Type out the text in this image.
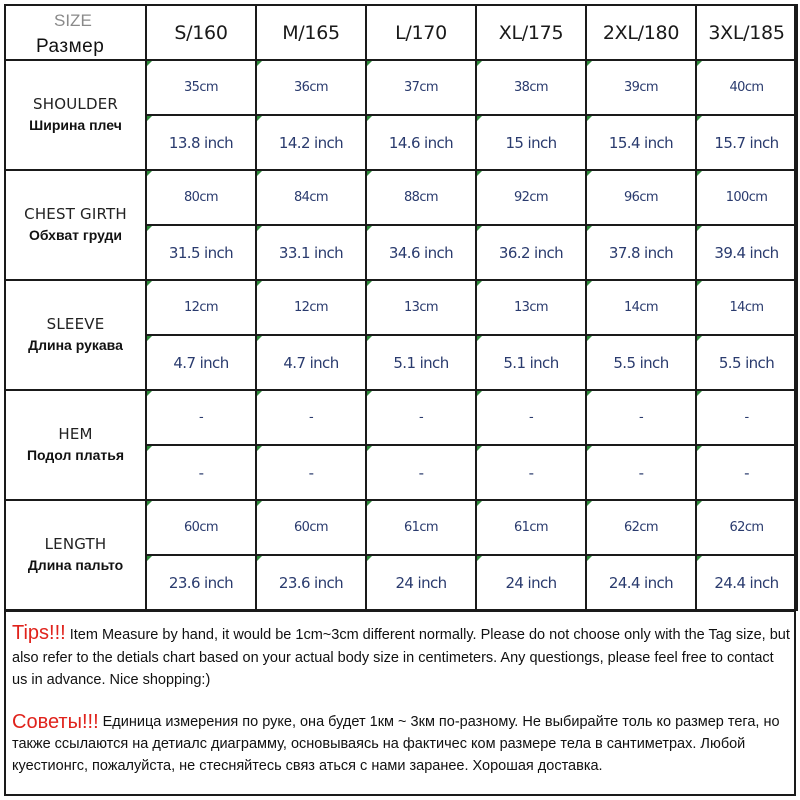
SIZE
Размер	S/160	M/165	L/170	XL/175	2XL/180	3XL/185

SHOULDER
Ширина плеч	35cm	36cm	37cm	38cm	39cm	40cm
	13.8 inch	14.2 inch	14.6 inch	15 inch	15.4 inch	15.7 inch

CHEST GIRTH
Обхват груди	80cm	84cm	88cm	92cm	96cm	100cm
	31.5 inch	33.1 inch	34.6 inch	36.2 inch	37.8 inch	39.4 inch

SLEEVE
Длина рукава	12cm	12cm	13cm	13cm	14cm	14cm
	4.7 inch	4.7 inch	5.1 inch	5.1 inch	5.5 inch	5.5 inch

HEM
Подол платья	-	-	-	-	-	-
	-	-	-	-	-	-

LENGTH
Длина пальто	60cm	60cm	61cm	61cm	62cm	62cm
	23.6 inch	23.6 inch	24 inch	24 inch	24.4 inch	24.4 inch
Tips!!! Item Measure by hand, it would be 1cm~3cm different normally. Please do not choose only with the Tag size, but also refer to the detials chart based on your actual body size in centimeters. Any questiongs, please feel free to contact us in advance. Nice shopping:)
Советы!!! Единица измерения по руке, она будет 1км ~ 3км по-разному. Не выбирайте толь ко размер тега, но также ссылаются на детиалс диаграмму, основываясь на фактичес ком размере тела в сантиметрах. Любой куестионгс, пожалуйста, не стесняйтесь связ аться с нами заранее. Хорошая доставка.
